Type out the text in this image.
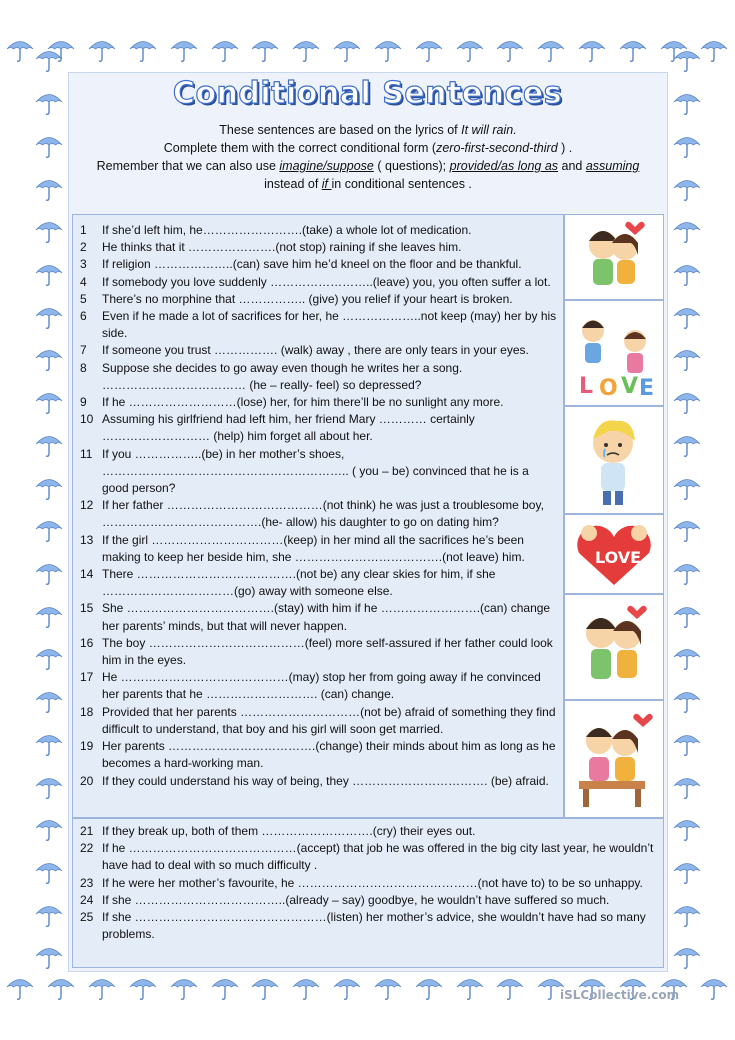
Conditional Sentences
These sentences are based on the lyrics of It will rain.
Complete them with the correct conditional form (zero-first-second-third ) .
Remember that we can also use imagine/suppose ( questions); provided/as long as and assuming
instead of if in conditional sentences .
1	If she’d left him, he…………………….(take) a whole lot of medication.
2	He thinks that it ………………….(not stop) raining if she leaves him.
3	If religion ………………..(can) save him he’d kneel on the floor and be thankful.
4	If somebody you love suddenly ……………………..(leave) you, you often suffer a lot.
5	There’s no morphine that …………….. (give) you relief if your heart is broken.
6	Even if he made a lot of sacrifices for her, he ………………..not keep (may) her by his side.
7	If someone you trust ……………. (walk) away , there are only tears in your eyes.
8	Suppose she decides to go away even though he writes her a song. ……………………………… (he – really- feel) so depressed?
9	If he ………………………(lose) her, for him there’ll be no sunlight any more.
10 Assuming his girlfriend had left him, her friend Mary ………… certainly ……………………… (help) him forget all about her.
11 If you ……………..(be) in her mother’s shoes, …………………………………………………….. ( you – be) convinced that he is a good person?
12 If her father …………………………………(not think) he was just a troublesome boy, ………………………………….(he- allow) his daughter to go on dating him?
13 If the girl ……………………………(keep) in her mind all the sacrifices he’s been making to keep her beside him, she ……………………………….(not leave) him.
14 There ………………………………….(not be) any clear skies for him, if she ……………………………(go) away with someone else.
15 She ……………………………….(stay) with him if he …………………….(can) change her parents’ minds, but that will never happen.
16 The boy …………………………………(feel) more self-assured if her father could look him in the eyes.
17 He ……………………………………(may) stop her from going away if he convinced her parents that he ………………………. (can) change.
18 Provided that her parents …………………………(not be) afraid of something they find difficult to understand, that boy and his girl will soon get married.
19 Her parents ……………………………….(change) their minds about him as long as he becomes a hard-working man.
20 If they could understand his way of being, they ……………………………. (be) afraid.
21 If they break up, both of them ……………………….(cry) their eyes out.
22 If he ……………………………………(accept) that job he was offered in the big city last year, he wouldn’t have had to deal with so much difficulty .
23 If he were her mother’s favourite, he ………………………………………(not have to) to be so unhappy.
24 If she ………………………………..(already – say) goodbye, he wouldn’t have suffered so much.
25 If she …………………………………………(listen) her mother’s advice, she wouldn’t have had so many problems.
L O V E
LOVE
iSLCollective.com
